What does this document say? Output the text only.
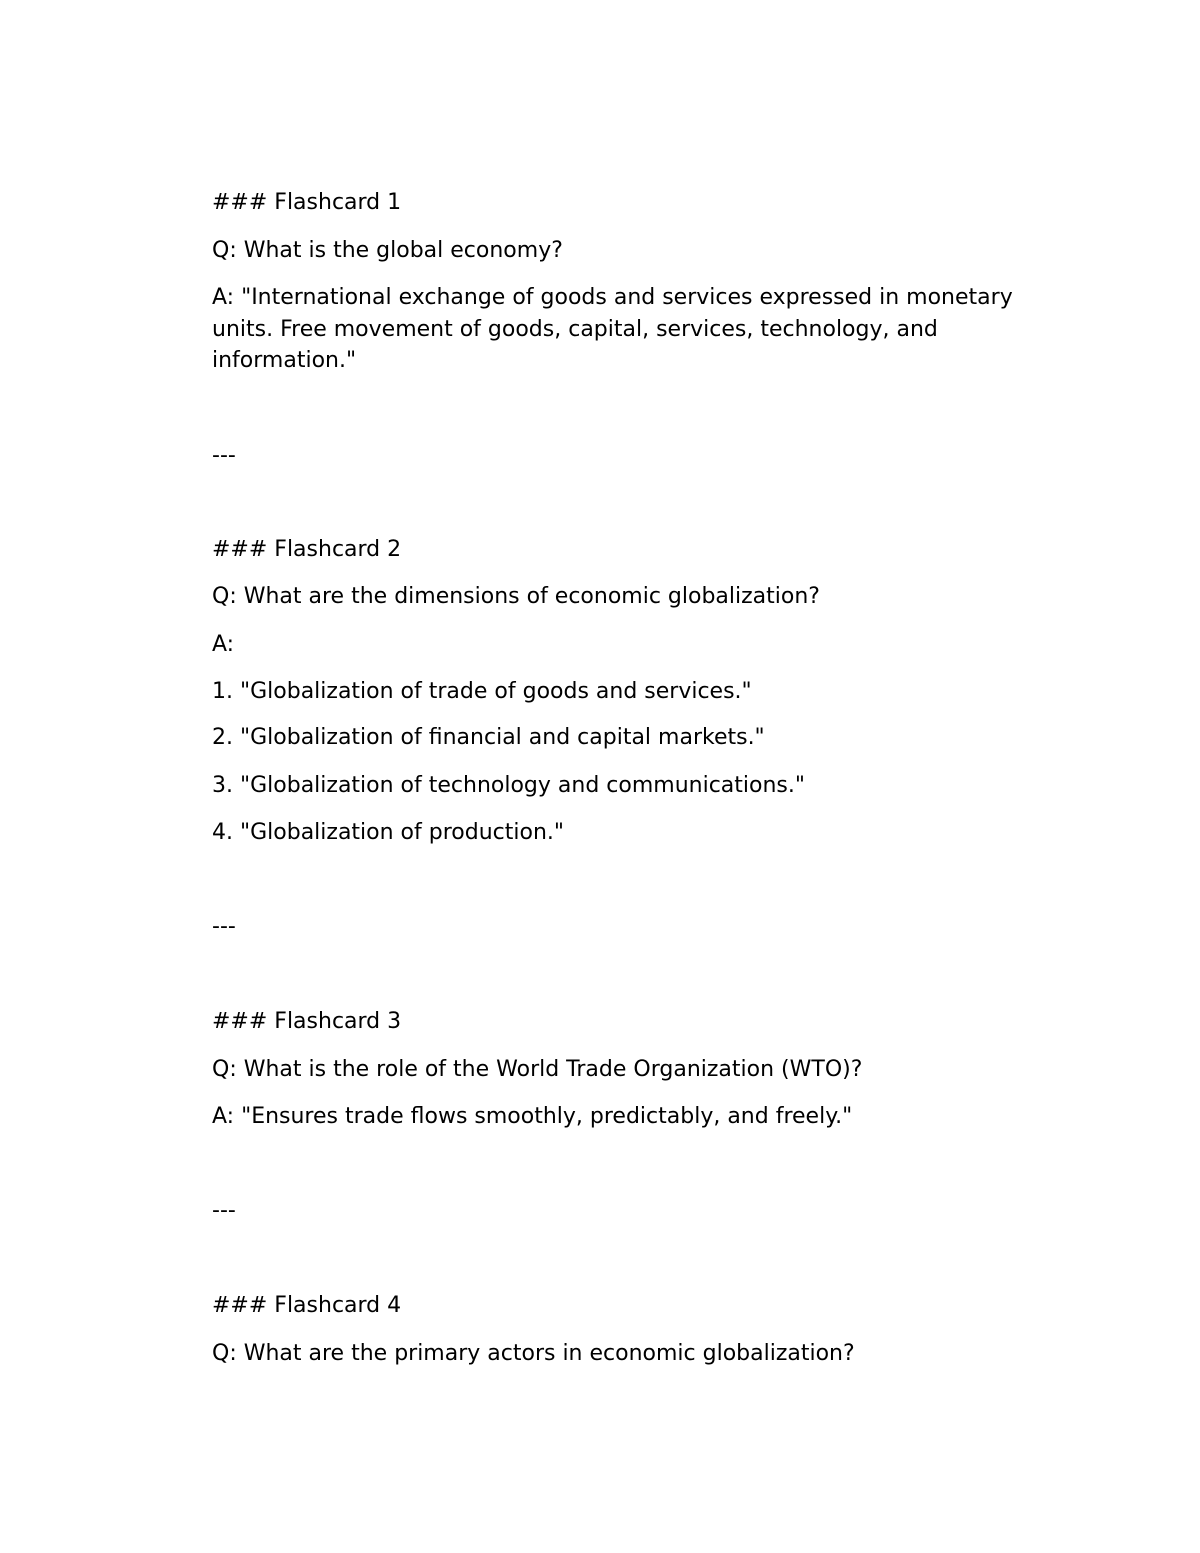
### Flashcard 1
Q: What is the global economy?
A: "International exchange of goods and services expressed in monetary units. Free movement of goods, capital, services, technology, and information."
---
### Flashcard 2
Q: What are the dimensions of economic globalization?
A:
1. "Globalization of trade of goods and services."
2. "Globalization of financial and capital markets."
3. "Globalization of technology and communications."
4. "Globalization of production."
---
### Flashcard 3
Q: What is the role of the World Trade Organization (WTO)?
A: "Ensures trade flows smoothly, predictably, and freely."
---
### Flashcard 4
Q: What are the primary actors in economic globalization?
